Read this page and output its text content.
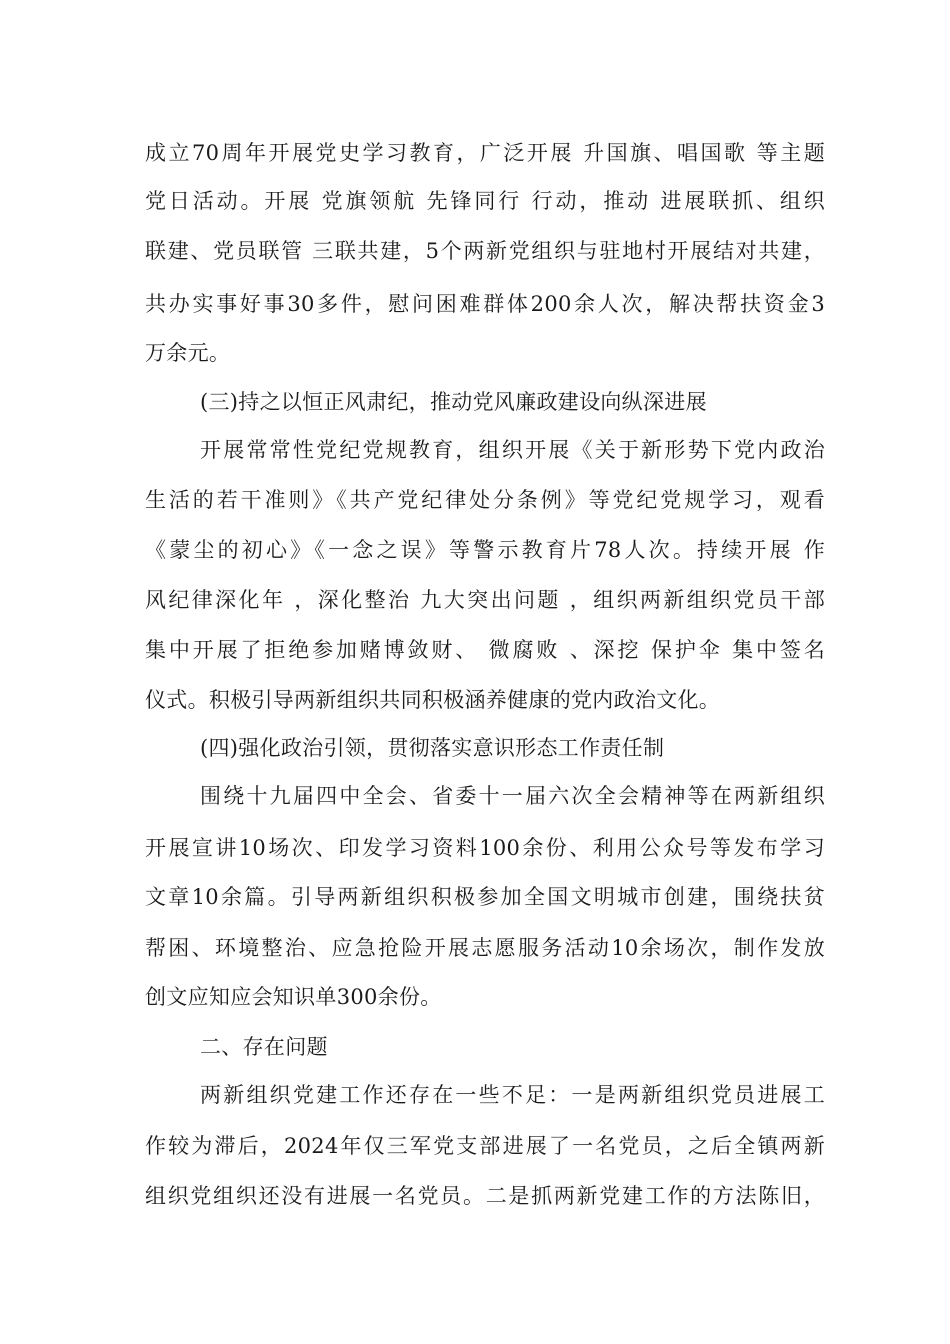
成立70周年开展党史学习教育，广泛开展 升国旗、唱国歌 等主题
党日活动。开展 党旗领航 先锋同行 行动，推动 进展联抓、组织
联建、党员联管 三联共建，5个两新党组织与驻地村开展结对共建，
共办实事好事30多件，慰问困难群体200余人次，解决帮扶资金3
万余元。
(三)持之以恒正风肃纪，推动党风廉政建设向纵深进展
开展常常性党纪党规教育，组织开展《关于新形势下党内政治
生活的若干准则》《共产党纪律处分条例》等党纪党规学习，观看
《蒙尘的初心》《一念之误》等警示教育片78人次。持续开展 作
风纪律深化年 ，深化整治 九大突出问题 ，组织两新组织党员干部
集中开展了拒绝参加赌博敛财、 微腐败 、深挖 保护伞 集中签名
仪式。积极引导两新组织共同积极涵养健康的党内政治文化。
(四)强化政治引领，贯彻落实意识形态工作责任制
围绕十九届四中全会、省委十一届六次全会精神等在两新组织
开展宣讲10场次、印发学习资料100余份、利用公众号等发布学习
文章10余篇。引导两新组织积极参加全国文明城市创建，围绕扶贫
帮困、环境整治、应急抢险开展志愿服务活动10余场次，制作发放
创文应知应会知识单300余份。
二、存在问题
两新组织党建工作还存在一些不足：一是两新组织党员进展工
作较为滞后，2024年仅三军党支部进展了一名党员，之后全镇两新
组织党组织还没有进展一名党员。二是抓两新党建工作的方法陈旧，
